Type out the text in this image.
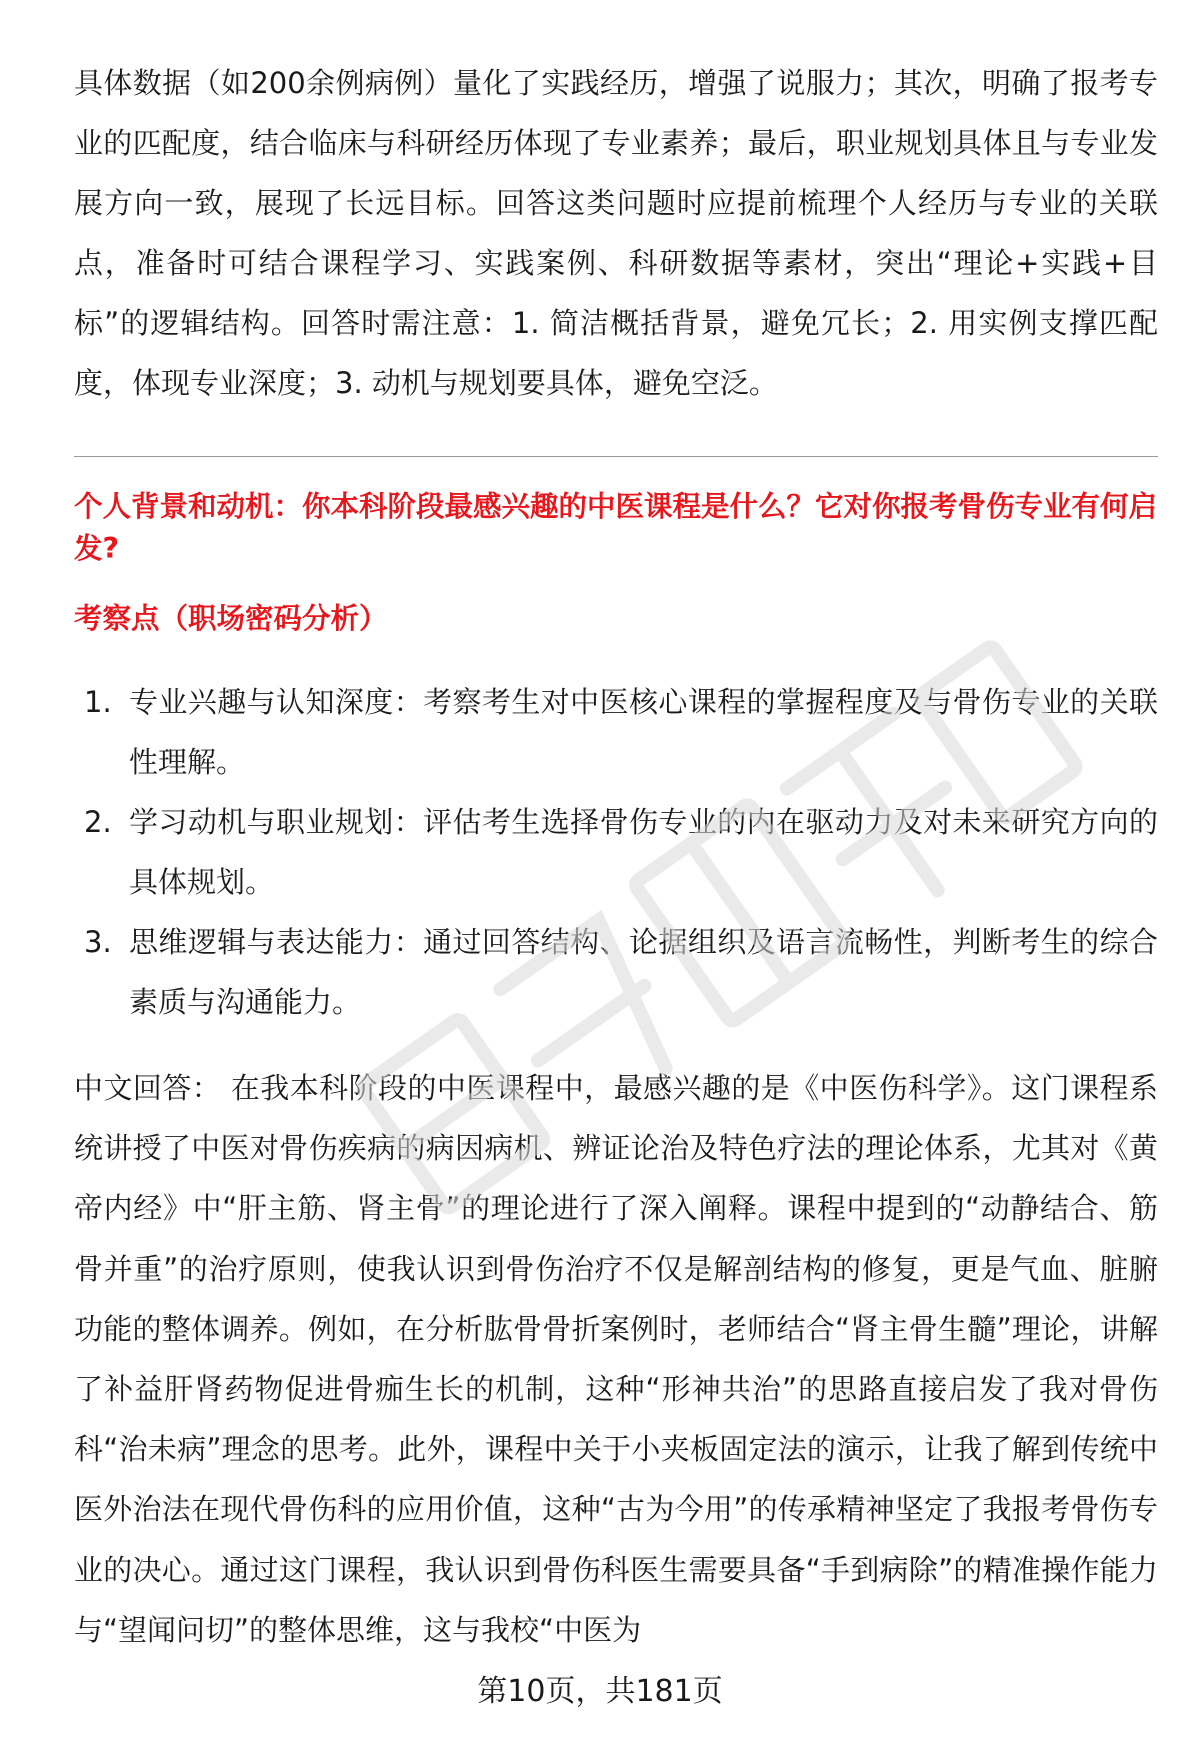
具体数据（如200余例病例）量化了实践经历，增强了说服力；其次，明确了报考专业的匹配度，结合临床与科研经历体现了专业素养；最后，职业规划具体且与专业发展方向一致，展现了长远目标。回答这类问题时应提前梳理个人经历与专业的关联点，准备时可结合课程学习、实践案例、科研数据等素材，突出“理论+实践+目标”的逻辑结构。回答时需注意：1. 简洁概括背景，避免冗长；2. 用实例支撑匹配度，体现专业深度；3. 动机与规划要具体，避免空泛。

个人背景和动机：你本科阶段最感兴趣的中医课程是什么？它对你报考骨伤专业有何启发?

考察点（职场密码分析）

1. 专业兴趣与认知深度：考察考生对中医核心课程的掌握程度及与骨伤专业的关联性理解。
2. 学习动机与职业规划：评估考生选择骨伤专业的内在驱动力及对未来研究方向的具体规划。
3. 思维逻辑与表达能力：通过回答结构、论据组织及语言流畅性，判断考生的综合素质与沟通能力。

中文回答： 在我本科阶段的中医课程中，最感兴趣的是《中医伤科学》。这门课程系统讲授了中医对骨伤疾病的病因病机、辨证论治及特色疗法的理论体系，尤其对《黄帝内经》中“肝主筋、肾主骨”的理论进行了深入阐释。课程中提到的“动静结合、筋骨并重”的治疗原则，使我认识到骨伤治疗不仅是解剖结构的修复，更是气血、脏腑功能的整体调养。例如，在分析肱骨骨折案例时，老师结合“肾主骨生髓”理论，讲解了补益肝肾药物促进骨痂生长的机制，这种“形神共治”的思路直接启发了我对骨伤科“治未病”理念的思考。此外，课程中关于小夹板固定法的演示，让我了解到传统中医外治法在现代骨伤科的应用价值，这种“古为今用”的传承精神坚定了我报考骨伤专业的决心。通过这门课程，我认识到骨伤科医生需要具备“手到病除”的精准操作能力与“望闻问切”的整体思维，这与我校“中医为

第10页，共181页
